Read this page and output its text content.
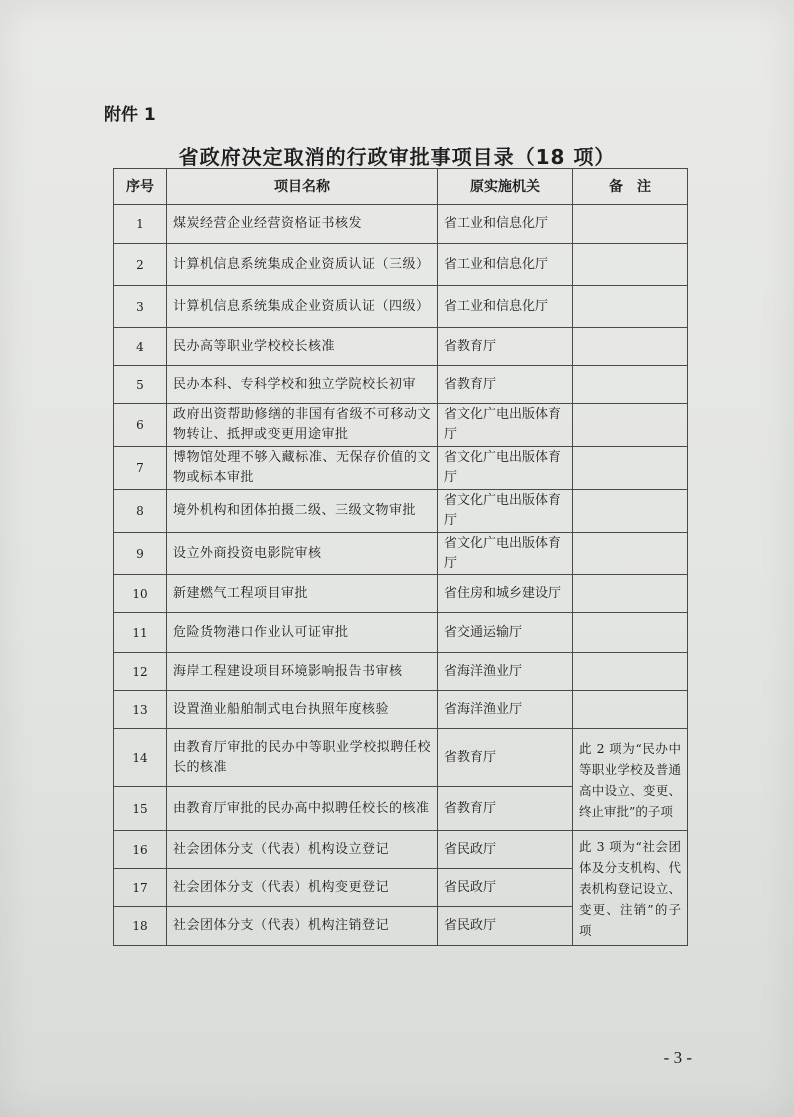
附件 1
省政府决定取消的行政审批事项目录（18 项）
序号	项目名称	原实施机关	备　注
1	煤炭经营企业经营资格证书核发	省工业和信息化厅	
2	计算机信息系统集成企业资质认证（三级）	省工业和信息化厅	
3	计算机信息系统集成企业资质认证（四级）	省工业和信息化厅	
4	民办高等职业学校校长核准	省教育厅	
5	民办本科、专科学校和独立学院校长初审	省教育厅	
6	政府出资帮助修缮的非国有省级不可移动文物转让、抵押或变更用途审批	省文化广电出版体育厅	
7	博物馆处理不够入藏标准、无保存价值的文物或标本审批	省文化广电出版体育厅	
8	境外机构和团体拍摄二级、三级文物审批	省文化广电出版体育厅	
9	设立外商投资电影院审核	省文化广电出版体育厅	
10	新建燃气工程项目审批	省住房和城乡建设厅	
11	危险货物港口作业认可证审批	省交通运输厅	
12	海岸工程建设项目环境影响报告书审核	省海洋渔业厅	
13	设置渔业船舶制式电台执照年度核验	省海洋渔业厅	
14	由教育厅审批的民办中等职业学校拟聘任校长的核准	省教育厅	此 2 项为“民办中等职业学校及普通高中设立、变更、终止审批”的子项
15	由教育厅审批的民办高中拟聘任校长的核准	省教育厅	
16	社会团体分支（代表）机构设立登记	省民政厅	此 3 项为“社会团体及分支机构、代表机构登记设立、变更、注销”的子项
17	社会团体分支（代表）机构变更登记	省民政厅	
18	社会团体分支（代表）机构注销登记	省民政厅	
- 3 -
